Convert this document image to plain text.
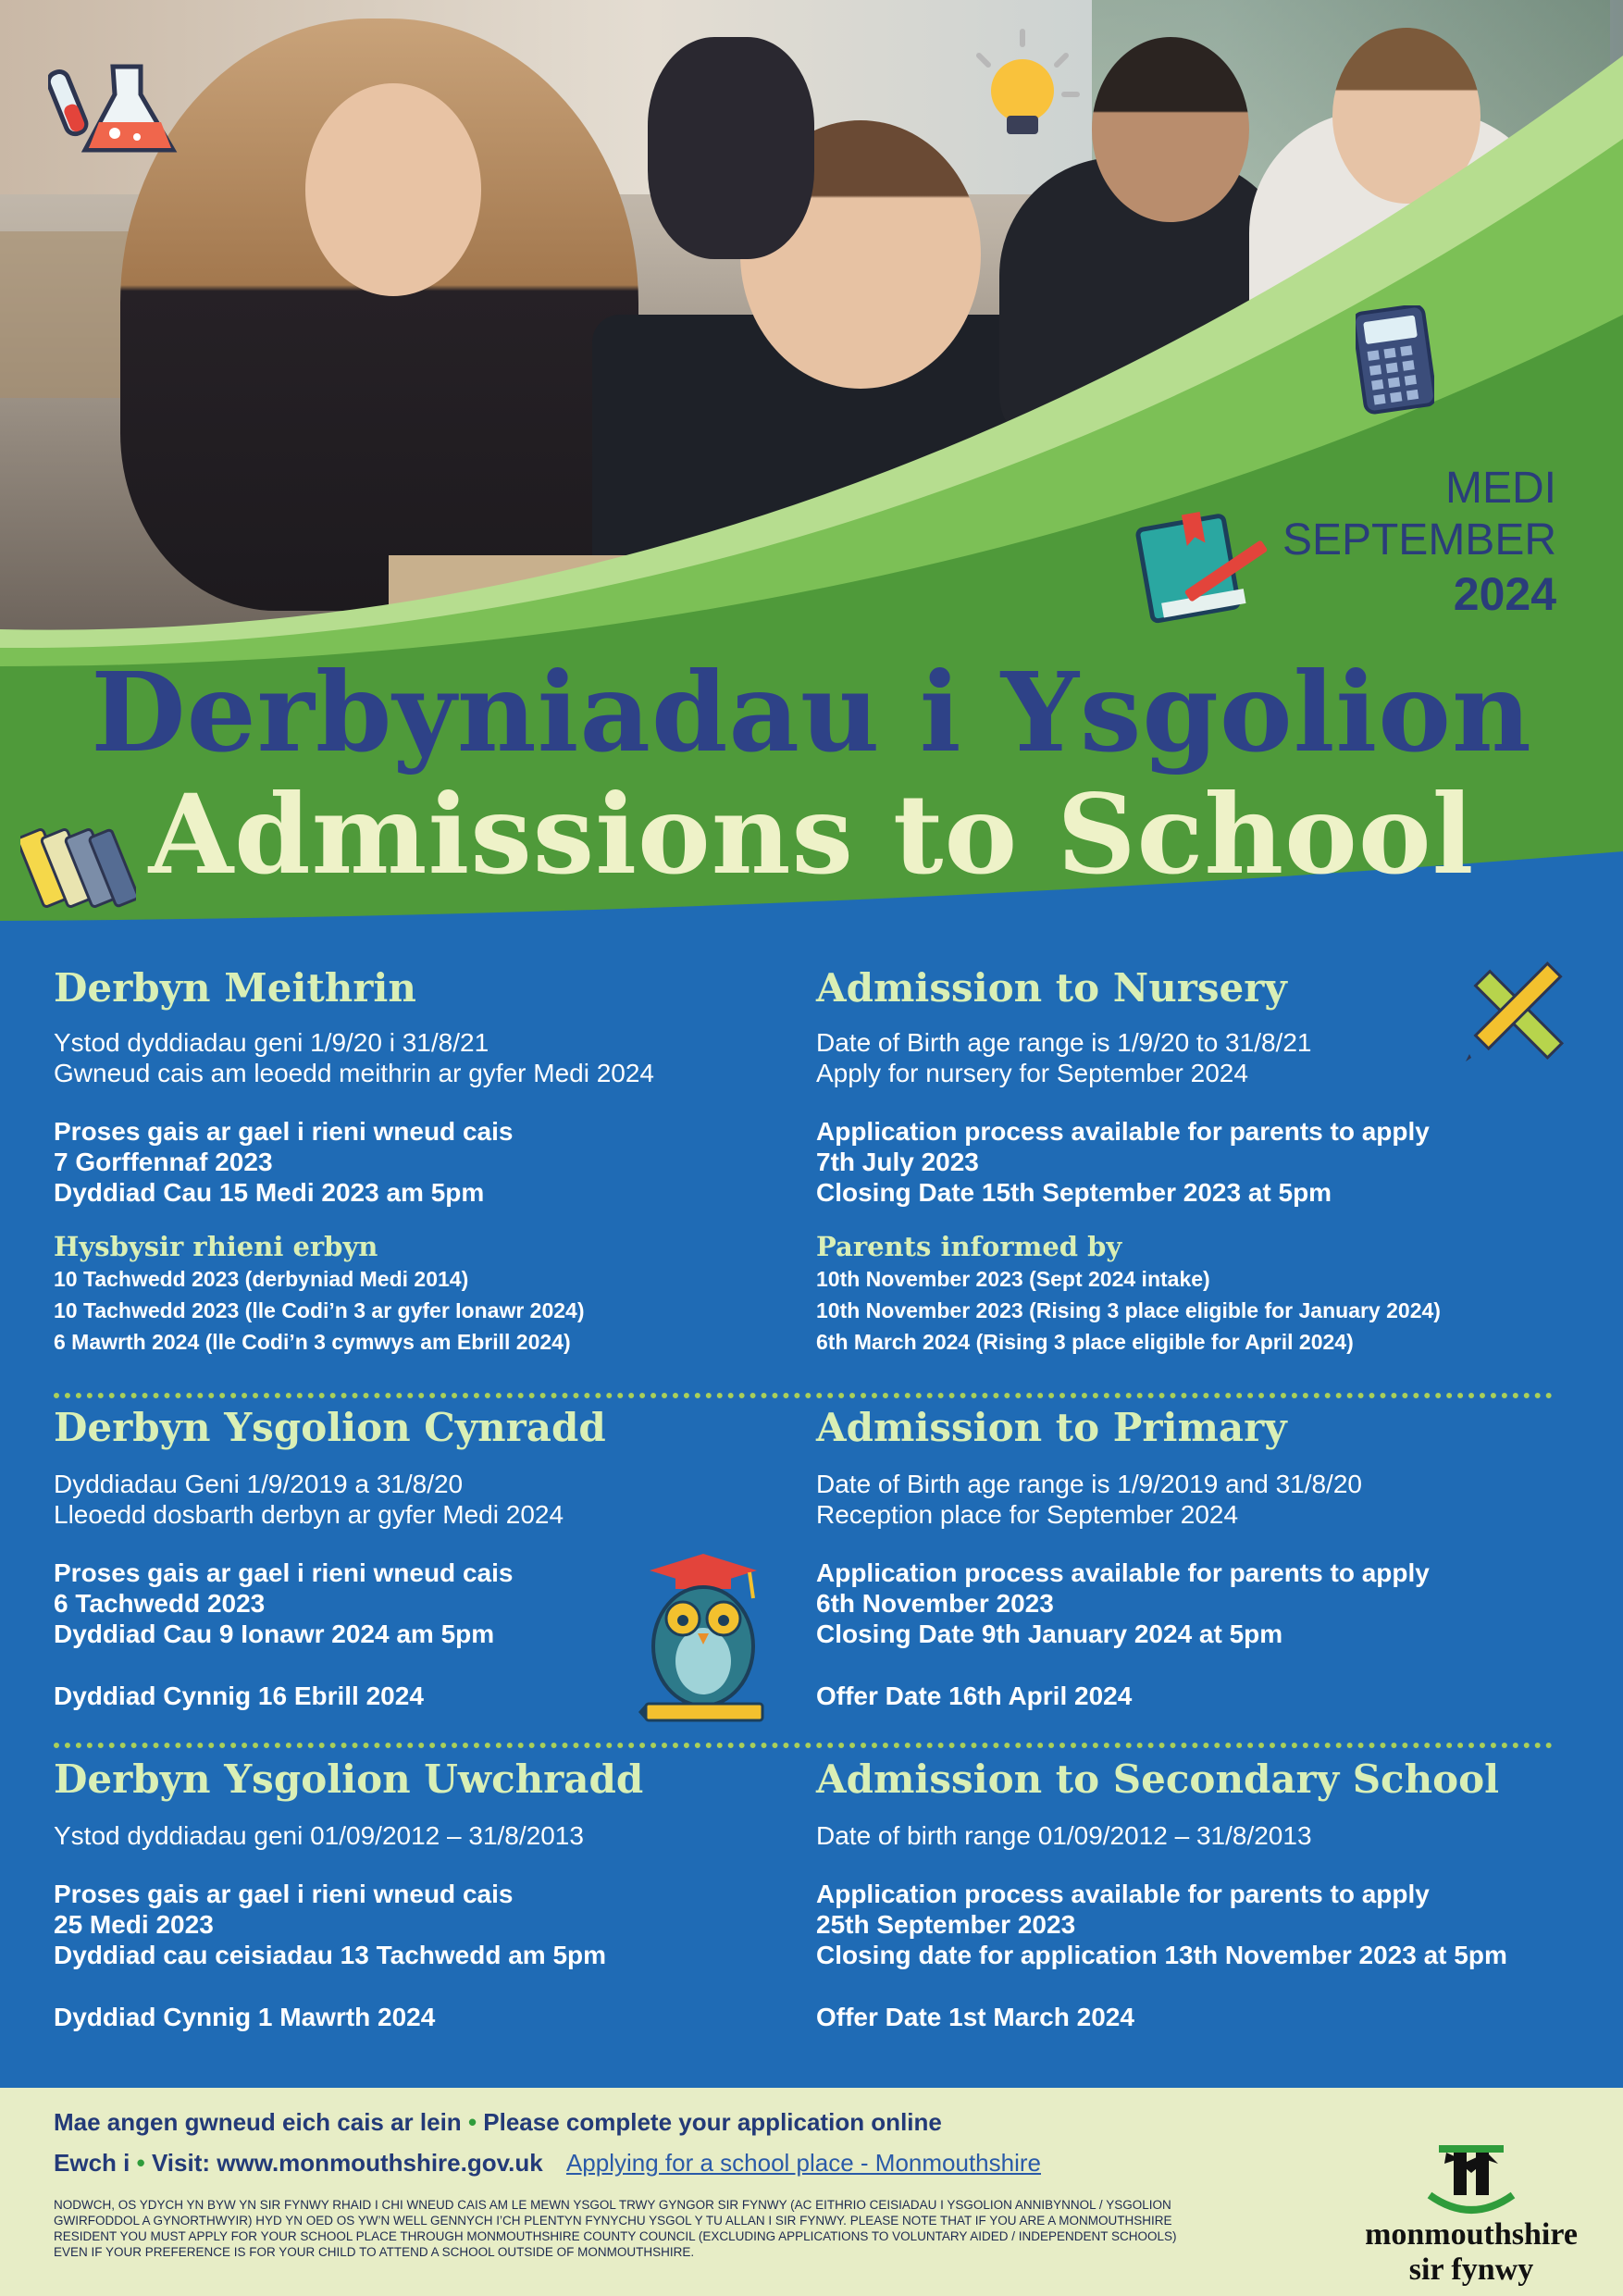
MEDI
SEPTEMBER
2024
Derbyniadau i Ysgolion
Admissions to School
Derbyn Meithrin

Ystod dyddiadau geni 1/9/20 i 31/8/21

Gwneud cais am leoedd meithrin ar gyfer Medi 2024

Proses gais ar gael i rieni wneud cais

7 Gorffennaf 2023

Dyddiad Cau 15 Medi 2023 am 5pm

Hysbysir rhieni erbyn

10 Tachwedd 2023 (derbyniad Medi 2014)

10 Tachwedd 2023 (lle Codi’n 3 ar gyfer Ionawr 2024)

6 Mawrth 2024 (lle Codi’n 3 cymwys am Ebrill 2024)

Admission to Nursery

Date of Birth age range is 1/9/20 to 31/8/21

Apply for nursery for September 2024

Application process available for parents to apply

7th July 2023

Closing Date 15th September 2023 at 5pm

Parents informed by

10th November 2023 (Sept 2024 intake)

10th November 2023 (Rising 3 place eligible for January 2024)

6th March 2024 (Rising 3 place eligible for April 2024)

Derbyn Ysgolion Cynradd

Dyddiadau Geni 1/9/2019 a 31/8/20

Lleoedd dosbarth derbyn ar gyfer Medi 2024

Proses gais ar gael i rieni wneud cais

6 Tachwedd 2023

Dyddiad Cau 9 Ionawr 2024 am 5pm

Dyddiad Cynnig 16 Ebrill 2024

Admission to Primary

Date of Birth age range is 1/9/2019 and 31/8/20

Reception place for September 2024

Application process available for parents to apply

6th November 2023

Closing Date 9th January 2024 at 5pm

Offer Date 16th April 2024

Derbyn Ysgolion Uwchradd

Ystod dyddiadau geni 01/09/2012 – 31/8/2013

Proses gais ar gael i rieni wneud cais

25 Medi 2023

Dyddiad cau ceisiadau 13 Tachwedd am 5pm

Dyddiad Cynnig 1 Mawrth 2024

Admission to Secondary School

Date of birth range 01/09/2012 – 31/8/2013

Application process available for parents to apply

25th September 2023

Closing date for application 13th November 2023 at 5pm

Offer Date 1st March 2024

Mae angen gwneud eich cais ar lein • Please complete your application online
Ewch i • Visit: www.monmouthshire.gov.uk Applying for a school place - Monmouthshire
NODWCH, OS YDYCH YN BYW YN SIR FYNWY RHAID I CHI WNEUD CAIS AM LE MEWN YSGOL TRWY GYNGOR SIR FYNWY (AC EITHRIO CEISIADAU I YSGOLION ANNIBYNNOL / YSGOLION GWIRFODDOL A GYNORTHWYIR) HYD YN OED OS YW’N WELL GENNYCH I’CH PLENTYN FYNYCHU YSGOL Y TU ALLAN I SIR FYNWY. PLEASE NOTE THAT IF YOU ARE A MONMOUTHSHIRE RESIDENT YOU MUST APPLY FOR YOUR SCHOOL PLACE THROUGH MONMOUTHSHIRE COUNTY COUNCIL (EXCLUDING APPLICATIONS TO VOLUNTARY AIDED / INDEPENDENT SCHOOLS) EVEN IF YOUR PREFERENCE IS FOR YOUR CHILD TO ATTEND A SCHOOL OUTSIDE OF MONMOUTHSHIRE.
monmouthshire
sir fynwy
